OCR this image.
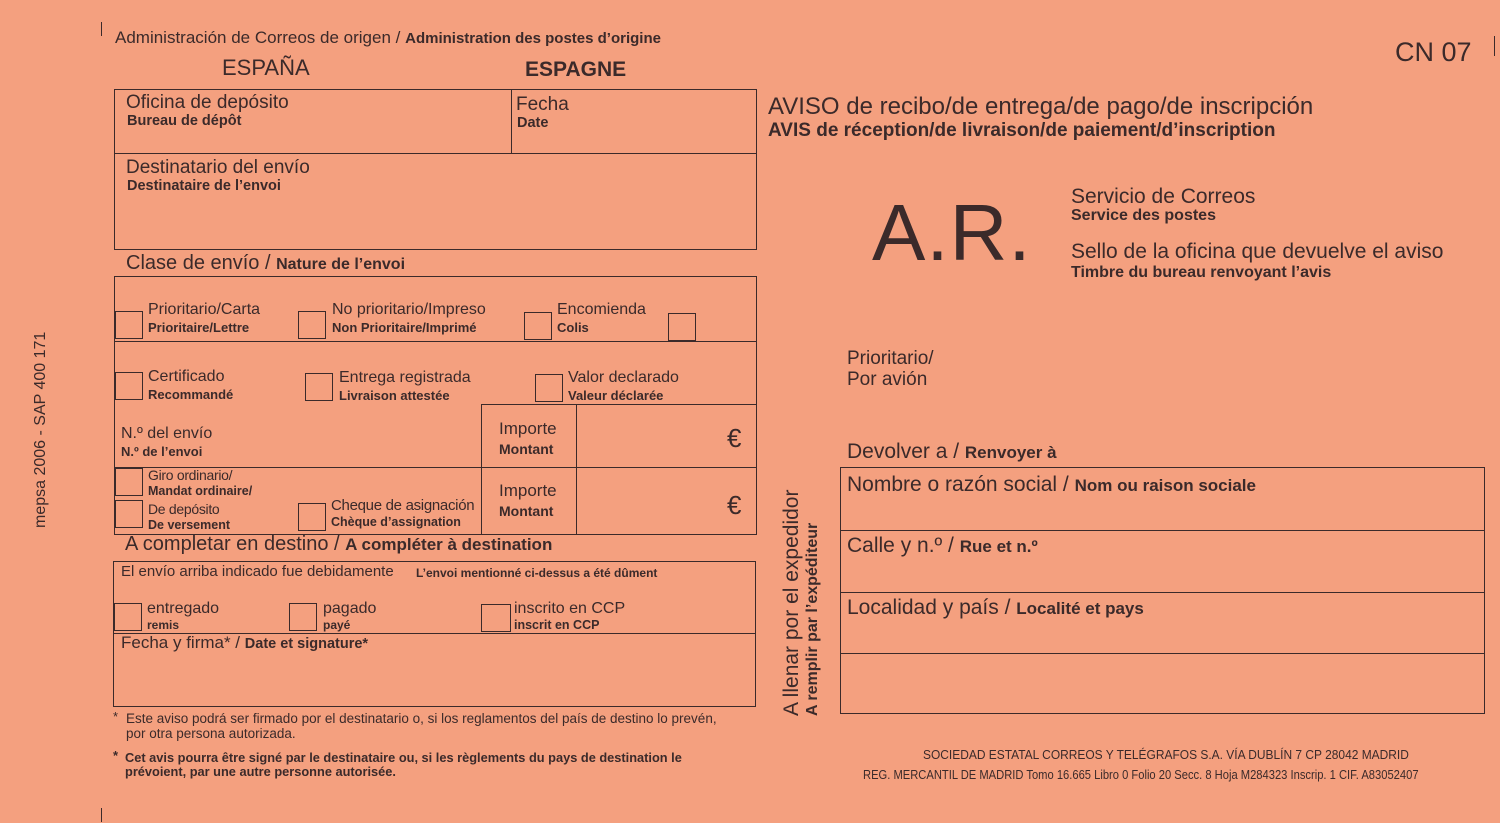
mepsa 2006 - SAP 400 171
Administración de Correos de origen / Administration des postes d’origine
ESPAÑA	ESPAGNE
CN 07
Oficina de depósito
Bureau de dépôt
Fecha
Date
Destinatario del envío
Destinataire de l’envoi
Clase de envío / Nature de l’envoi
Prioritario/Carta
Prioritaire/Lettre
No prioritario/Impreso
Non Prioritaire/Imprimé
Encomienda
Colis
Certificado
Recommandé
Entrega registrada
Livraison attestée
Valor declarado
Valeur déclarée
N.º del envío
N.º de l’envoi
Importe
Montant	€
Giro ordinario/
Mandat ordinaire/
De depósito
De versement
Cheque de asignación
Chèque d’assignation
Importe
Montant	€
A completar en destino / A compléter à destination
El envío arriba indicado fue debidamente L’envoi mentionné ci-dessus a été dûment
entregado
remis
pagado
payé
inscrito en CCP
inscrit en CCP
Fecha y firma* / Date et signature*
* Este aviso podrá ser firmado por el destinatario o, si los reglamentos del país de destino lo prevén,
por otra persona autorizada.
* Cet avis pourra être signé par le destinataire ou, si les règlements du pays de destination le
prévoient, par une autre personne autorisée.
AVISO de recibo/de entrega/de pago/de inscripción
AVIS de réception/de livraison/de paiement/d’inscription
A.R. Servicio de Correos
Service des postes
Sello de la oficina que devuelve el aviso
Timbre du bureau renvoyant l’avis
Prioritario/
Por avión
A llenar por el expedidor A remplir par l’expéditeur
Devolver a / Renvoyer à
Nombre o razón social / Nom ou raison sociale
Calle y n.º / Rue et n.º
Localidad y país / Localité et pays
SOCIEDAD ESTATAL CORREOS Y TELÉGRAFOS S.A. VÍA DUBLÍN 7 CP 28042 MADRID
REG. MERCANTIL DE MADRID Tomo 16.665 Libro 0 Folio 20 Secc. 8 Hoja M284323 Inscrip. 1 CIF. A83052407
